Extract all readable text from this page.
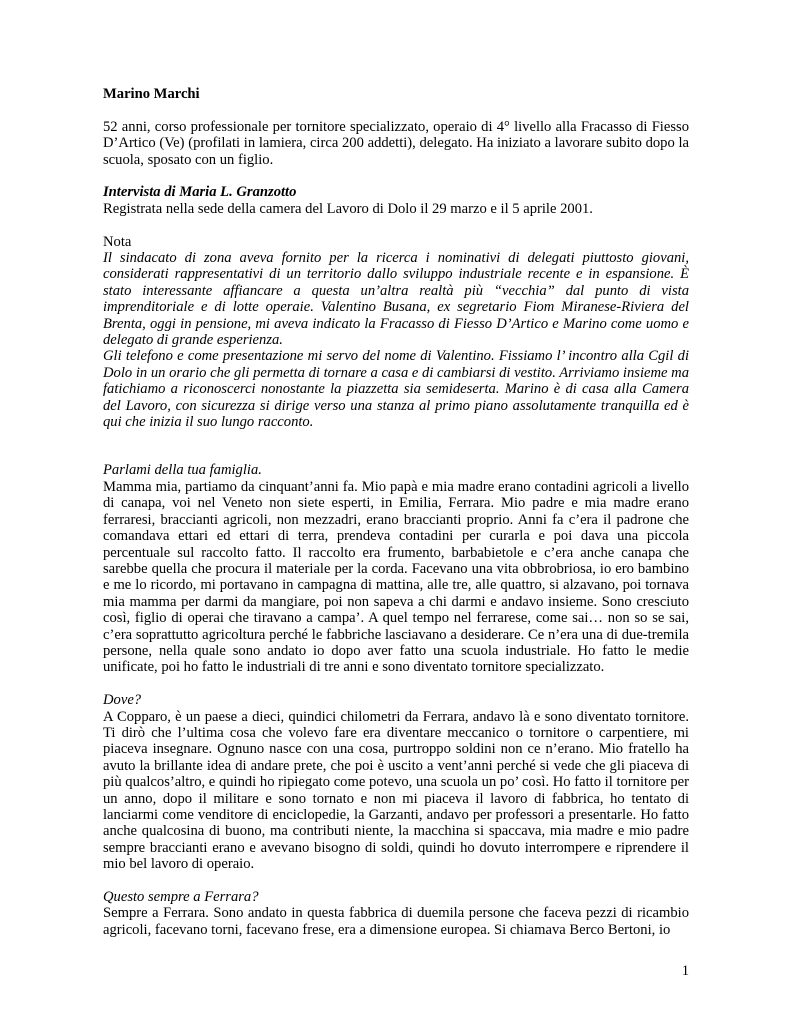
Marino Marchi

52 anni, corso professionale per tornitore specializzato, operaio di 4° livello alla Fracasso di Fiesso D’Artico (Ve) (profilati in lamiera, circa 200 addetti), delegato. Ha iniziato a lavorare subito dopo la scuola, sposato con un figlio.

Intervista di Maria L. Granzotto

Registrata nella sede della camera del Lavoro di Dolo il 29 marzo e il 5 aprile 2001.

Nota

Il sindacato di zona aveva fornito per la ricerca i nominativi di delegati piuttosto giovani, considerati rappresentativi di un territorio dallo sviluppo industriale recente e in espansione. È stato interessante affiancare a questa un’altra realtà più “vecchia” dal punto di vista imprenditoriale e di lotte operaie. Valentino Busana, ex segretario Fiom Miranese-Riviera del Brenta, oggi in pensione, mi aveva indicato la Fracasso di Fiesso D’Artico e Marino come uomo e delegato di grande esperienza.

Gli telefono e come presentazione mi servo del nome di Valentino. Fissiamo l’ incontro alla Cgil di Dolo in un orario che gli permetta di tornare a casa e di cambiarsi di vestito. Arriviamo insieme ma fatichiamo a riconoscerci nonostante la piazzetta sia semideserta. Marino è di casa alla Camera del Lavoro, con sicurezza si dirige verso una stanza al primo piano assolutamente tranquilla ed è qui che inizia il suo lungo racconto.

Parlami della tua famiglia.

Mamma mia, partiamo da cinquant’anni fa. Mio papà e mia madre erano contadini agricoli a livello di canapa, voi nel Veneto non siete esperti, in Emilia, Ferrara. Mio padre e mia madre erano ferraresi, braccianti agricoli, non mezzadri, erano braccianti proprio. Anni fa c’era il padrone che comandava ettari ed ettari di terra, prendeva contadini per curarla e poi dava una piccola percentuale sul raccolto fatto. Il raccolto era frumento, barbabietole e c’era anche canapa che sarebbe quella che procura il materiale per la corda. Facevano una vita obbrobriosa, io ero bambino e me lo ricordo, mi portavano in campagna di mattina, alle tre, alle quattro, si alzavano, poi tornava mia mamma per darmi da mangiare, poi non sapeva a chi darmi e andavo insieme. Sono cresciuto così, figlio di operai che tiravano a campa’. A quel tempo nel ferrarese, come sai… non so se sai, c’era soprattutto agricoltura perché le fabbriche lasciavano a desiderare. Ce n’era una di due-tremila persone, nella quale sono andato io dopo aver fatto una scuola industriale. Ho fatto le medie unificate, poi ho fatto le industriali di tre anni e sono diventato tornitore specializzato.

Dove?

A Copparo, è un paese a dieci, quindici chilometri da Ferrara, andavo là e sono diventato tornitore. Ti dirò che l’ultima cosa che volevo fare era diventare meccanico o tornitore o carpentiere, mi piaceva insegnare. Ognuno nasce con una cosa, purtroppo soldini non ce n’erano. Mio fratello ha avuto la brillante idea di andare prete, che poi è uscito a vent’anni perché si vede che gli piaceva di più qualcos’altro, e quindi ho ripiegato come potevo, una scuola un po’ così. Ho fatto il tornitore per un anno, dopo il militare e sono tornato e non mi piaceva il lavoro di fabbrica, ho tentato di lanciarmi come venditore di enciclopedie, la Garzanti, andavo per professori a presentarle. Ho fatto anche qualcosina di buono, ma contributi niente, la macchina si spaccava, mia madre e mio padre sempre braccianti erano e avevano bisogno di soldi, quindi ho dovuto interrompere e riprendere il mio bel lavoro di operaio.

Questo sempre a Ferrara?

Sempre a Ferrara. Sono andato in questa fabbrica di duemila persone che faceva pezzi di ricambio agricoli, facevano torni, facevano frese, era a dimensione europea. Si chiamava Berco Bertoni, io

1
